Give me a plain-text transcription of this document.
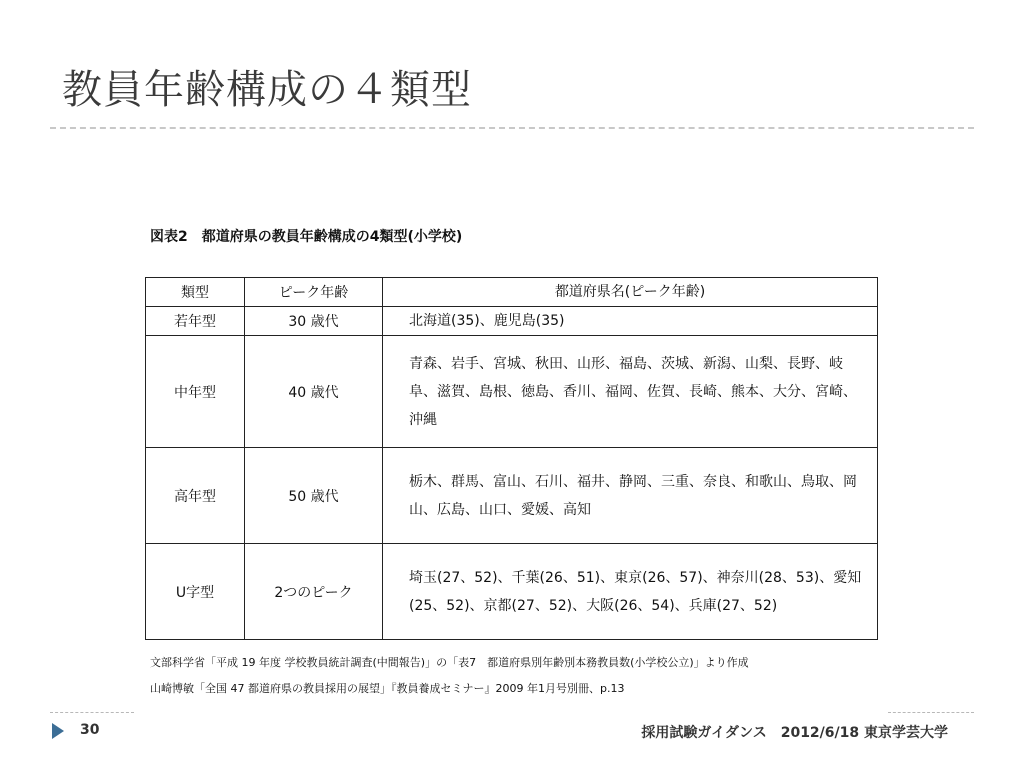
教員年齢構成の４類型
図表2　都道府県の教員年齢構成の4類型(小学校)
類型	ピーク年齢	都道府県名(ピーク年齢)
若年型	30 歳代	北海道(35)、鹿児島(35)
中年型	40 歳代	青森、岩手、宮城、秋田、山形、福島、茨城、新潟、山梨、長野、岐阜、滋賀、島根、徳島、香川、福岡、佐賀、長崎、熊本、大分、宮崎、沖縄
高年型	50 歳代	栃木、群馬、富山、石川、福井、静岡、三重、奈良、和歌山、鳥取、岡山、広島、山口、愛媛、高知
U字型	2つのピーク	埼玉(27、52)、千葉(26、51)、東京(26、57)、神奈川(28、53)、愛知(25、52)、京都(27、52)、大阪(26、54)、兵庫(27、52)
文部科学省「平成 19 年度 学校教員統計調査(中間報告)」の「表7　都道府県別年齢別本務教員数(小学校公立)」より作成
山崎博敏「全国 47 都道府県の教員採用の展望」『教員養成セミナー』2009 年1月号別冊、p.13
30	採用試験ガイダンス　2012/6/18 東京学芸大学
